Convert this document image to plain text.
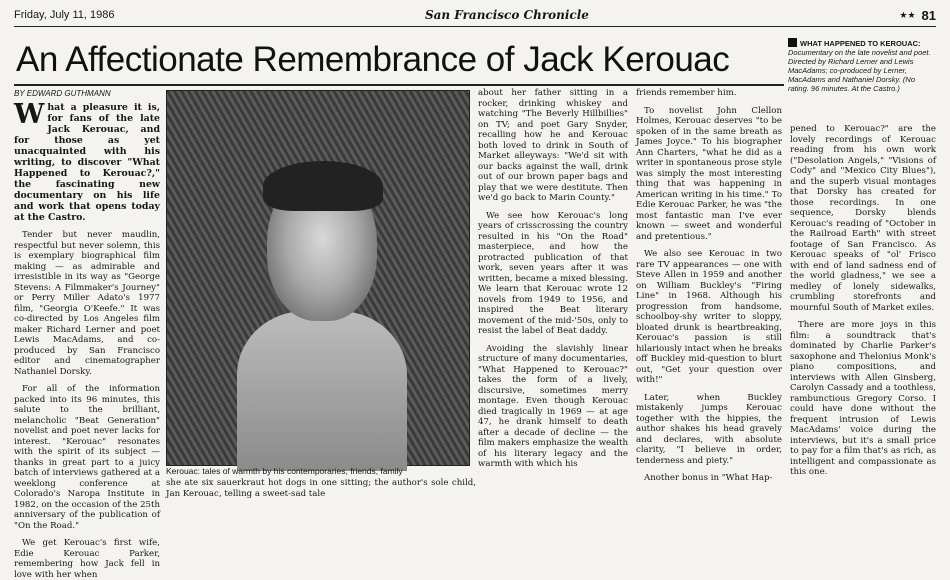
Friday, July 11, 1986	San Francisco Chronicle	★★ 81
An Affectionate Remembrance of Jack Kerouac
BY EDWARD GUTHMANN

What a pleasure it is, for fans of the late Jack Kerouac, and for those as yet unacquainted with his writing, to discover "What Happened to Kerouac?," the fascinating new documentary on his life and work that opens today at the Castro.

Tender but never maudlin, respectful but never solemn, this is exemplary biographical film making — as admirable and irresistible in its way as "George Stevens: A Filmmaker's Journey" or Perry Miller Adato's 1977 film, "Georgia O'Keefe." It was co-directed by Los Angeles film maker Richard Lerner and poet Lewis MacAdams, and co-produced by San Francisco editor and cinematographer Nathaniel Dorsky.

For all of the information packed into its 96 minutes, this salute to the brilliant, melancholic "Beat Generation" novelist and poet never lacks for interest. "Kerouac" resonates with the spirit of its subject — thanks in great part to a juicy batch of interviews gathered at a weeklong conference at Colorado's Naropa Institute in 1982, on the occasion of the 25th anniversary of the publication of "On the Road."

We get Kerouac's first wife, Edie Kerouac Parker, remembering how Jack fell in love with her when

Kerouac: tales of warmth by his contemporaries, friends, family

about her father sitting in a rocker, drinking whiskey and watching "The Beverly Hillbillies" on TV; and poet Gary Snyder, recalling how he and Kerouac both loved to drink in South of Market alleyways: "We'd sit with our backs against the wall, drink out of our brown paper bags and play that we were destitute. Then we'd go back to Marin County."

We see how Kerouac's long years of crisscrossing the country resulted in his "On the Road" masterpiece, and how the protracted publication of that work, seven years after it was written, became a mixed blessing. We learn that Kerouac wrote 12 novels from 1949 to 1956, and inspired the Beat literary movement of the mid-'50s, only to resist the label of Beat daddy.

Avoiding the slavishly linear structure of many documentaries, "What Happened to Kerouac?" takes the form of a lively, discursive, sometimes merry montage. Even though Kerouac died tragically in 1969 — at age 47, he drank himself to death after a decade of decline — the film makers emphasize the wealth of his literary legacy and the warmth with which his

she ate six sauerkraut hot dogs in one sitting; the author's sole child, Jan Kerouac, telling a sweet-sad tale

friends remember him.

To novelist John Clellon Holmes, Kerouac deserves "to be spoken of in the same breath as James Joyce." To his biographer Ann Charters, "what he did as a writer in spontaneous prose style was simply the most interesting thing that was happening in American writing in his time." To Edie Kerouac Parker, he was "the most fantastic man I've ever known — sweet and wonderful and pretentious."

We also see Kerouac in two rare TV appearances — one with Steve Allen in 1959 and another on William Buckley's "Firing Line" in 1968. Although his progression from handsome, schoolboy-shy writer to sloppy, bloated drunk is heartbreaking, Kerouac's passion is still hilariously intact when he breaks off Buckley mid-question to blurt out, "Get your question over with!"

Later, when Buckley mistakenly jumps Kerouac together with the hippies, the author shakes his head gravely and declares, with absolute clarity, "I believe in order, tenderness and piety."

Another bonus in "What Hap-

WHAT HAPPENED TO KEROUAC: Documentary on the late novelist and poet. Directed by Richard Lerner and Lewis MacAdams; co-produced by Lerner, MacAdams and Nathaniel Dorsky. (No rating. 96 minutes. At the Castro.)

pened to Kerouac?" are the lovely recordings of Kerouac reading from his own work ("Desolation Angels," "Visions of Cody" and "Mexico City Blues"), and the superb visual montages that Dorsky has created for those recordings. In one sequence, Dorsky blends Kerouac's reading of "October in the Railroad Earth" with street footage of San Francisco. As Kerouac speaks of "ol' Frisco with end of land sadness end of the world gladness," we see a medley of lonely sidewalks, crumbling storefronts and mournful South of Market exiles.

There are more joys in this film: a soundtrack that's dominated by Charlie Parker's saxophone and Thelonius Monk's piano compositions, and interviews with Allen Ginsberg, Carolyn Cassady and a toothless, rambunctious Gregory Corso. I could have done without the frequent intrusion of Lewis MacAdams' voice during the interviews, but it's a small price to pay for a film that's as rich, as intelligent and compassionate as this one.
